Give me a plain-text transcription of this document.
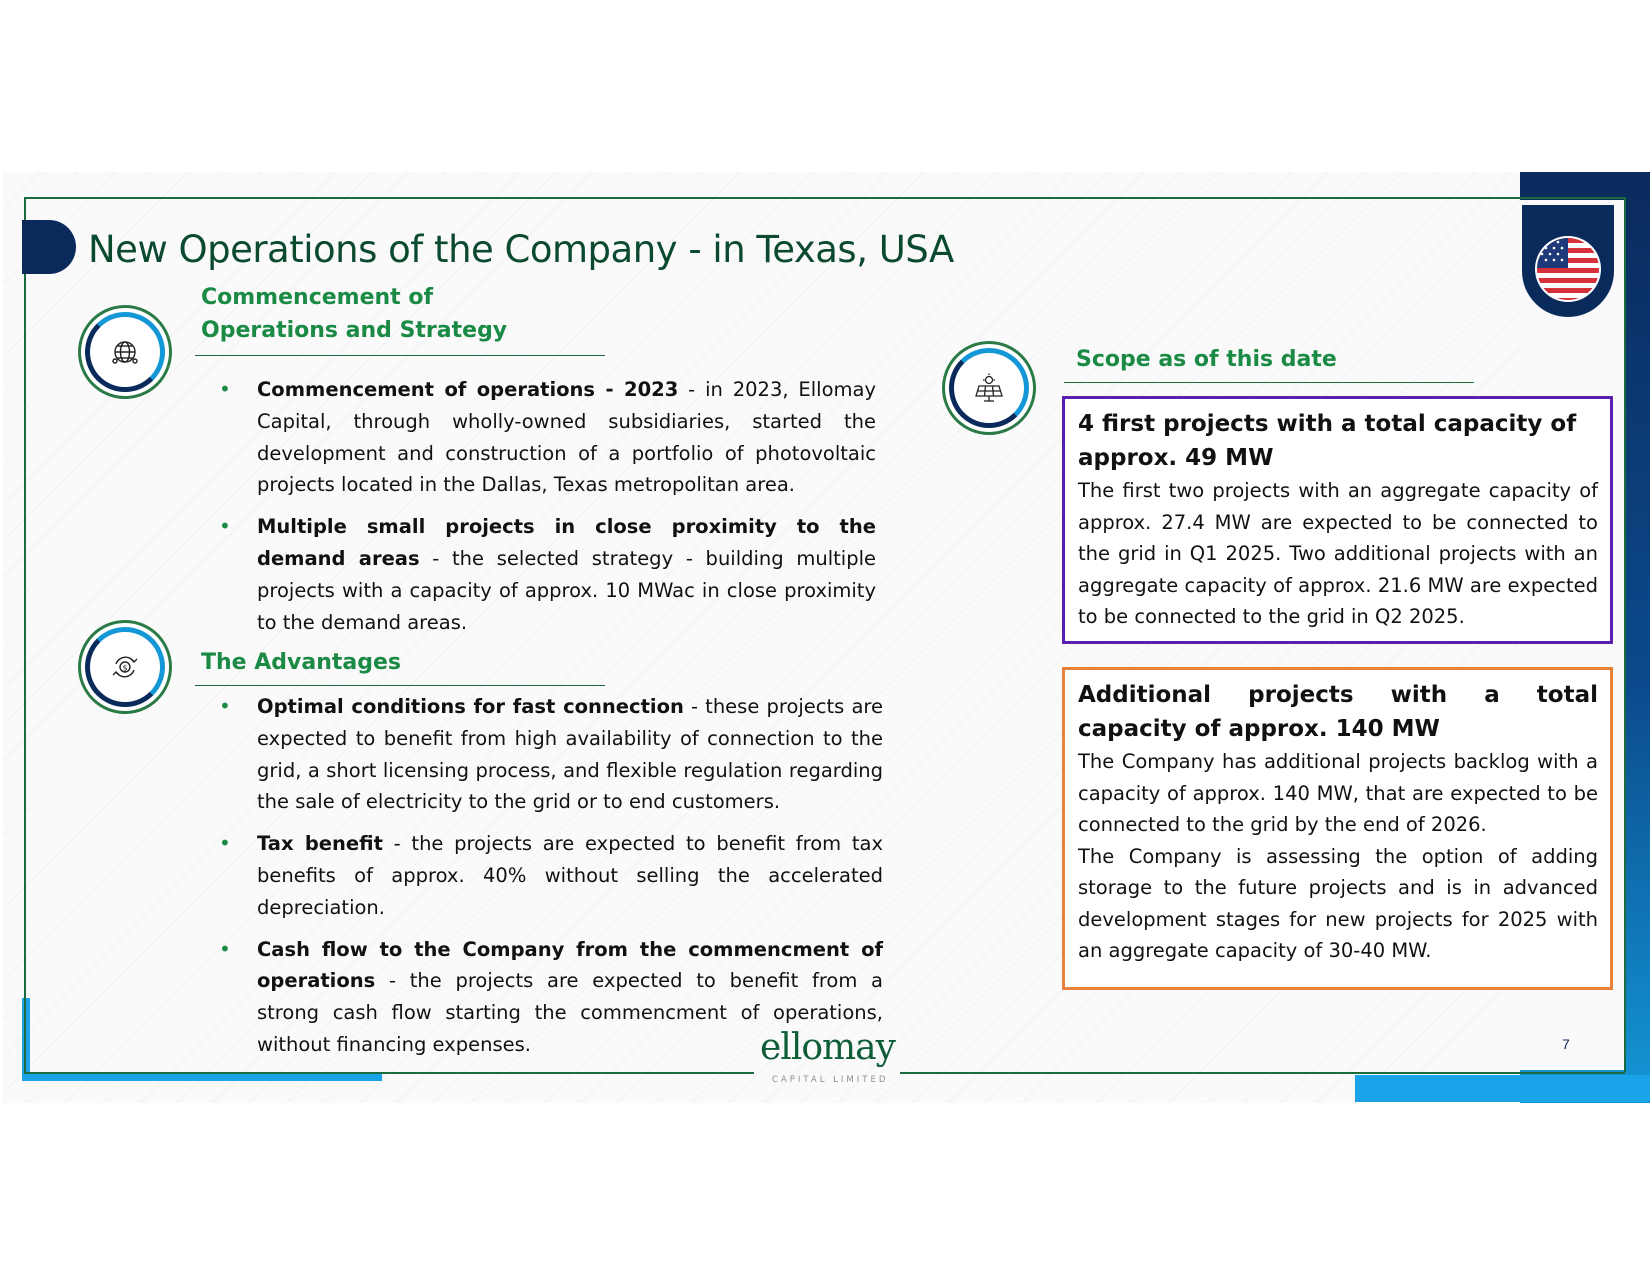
New Operations of the Company - in Texas, USA
Commencement of
Operations and Strategy
• Commencement of operations - 2023 - in 2023, Ellomay Capital, through wholly-owned subsidiaries, started the development and construction of a portfolio of photovoltaic projects located in the Dallas, Texas metropolitan area.
• Multiple small projects in close proximity to the demand areas - the selected strategy - building multiple projects with a capacity of approx. 10 MWac in close proximity to the demand areas.
$	The Advantages
• Optimal conditions for fast connection - these projects are expected to benefit from high availability of connection to the grid, a short licensing process, and flexible regulation regarding the sale of electricity to the grid or to end customers.
• Tax benefit - the projects are expected to benefit from tax benefits of approx. 40% without selling the accelerated depreciation.
• Cash flow to the Company from the commencment of operations - the projects are expected to benefit from a strong cash flow starting the commencment of operations, without financing expenses.
Scope as of this date
4 first projects with a total capacity of approx. 49 MW

The first two projects with an aggregate capacity of approx. 27.4 MW are expected to be connected to the grid in Q1 2025. Two additional projects with an aggregate capacity of approx. 21.6 MW are expected to be connected to the grid in Q2 2025.

Additional projects with a total capacity of approx. 140 MW

The Company has additional projects backlog with a capacity of approx. 140 MW, that are expected to be connected to the grid by the end of 2026.

The Company is assessing the option of adding storage to the future projects and is in advanced development stages for new projects for 2025 with an aggregate capacity of 30-40 MW.

ellomay
CAPITAL LIMITED
7
